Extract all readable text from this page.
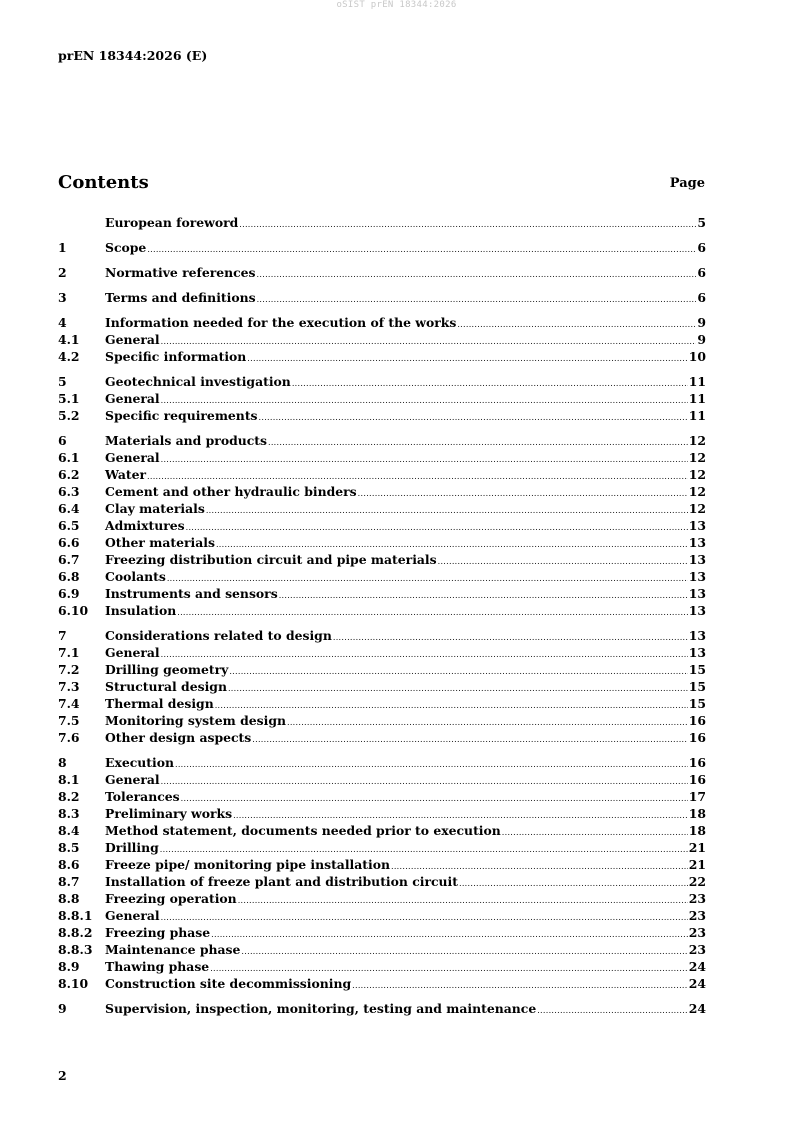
oSIST prEN 18344:2026
prEN 18344:2026 (E)
Contents	Page
European foreword .....	5
1	Scope .....	6
2	Normative references .....	6
3	Terms and definitions .....	6
4	Information needed for the execution of the works .....	9
4.1	General .....	9
4.2	Specific information .....	10
5	Geotechnical investigation .....	11
5.1	General .....	11
5.2	Specific requirements .....	11
6	Materials and products .....	12
6.1	General .....	12
6.2	Water .....	12
6.3	Cement and other hydraulic binders .....	12
6.4	Clay materials .....	12
6.5	Admixtures .....	13
6.6	Other materials .....	13
6.7	Freezing distribution circuit and pipe materials .....	13
6.8	Coolants .....	13
6.9	Instruments and sensors .....	13
6.10	Insulation .....	13
7	Considerations related to design .....	13
7.1	General .....	13
7.2	Drilling geometry .....	15
7.3	Structural design .....	15
7.4	Thermal design .....	15
7.5	Monitoring system design .....	16
7.6	Other design aspects .....	16
8	Execution .....	16
8.1	General .....	16
8.2	Tolerances .....	17
8.3	Preliminary works .....	18
8.4	Method statement, documents needed prior to execution .....	18
8.5	Drilling .....	21
8.6	Freeze pipe/ monitoring pipe installation .....	21
8.7	Installation of freeze plant and distribution circuit .....	22
8.8	Freezing operation .....	23
8.8.1	General .....	23
8.8.2	Freezing phase .....	23
8.8.3	Maintenance phase .....	23
8.9	Thawing phase .....	24
8.10	Construction site decommissioning .....	24
9	Supervision, inspection, monitoring, testing and maintenance .....	24
2
